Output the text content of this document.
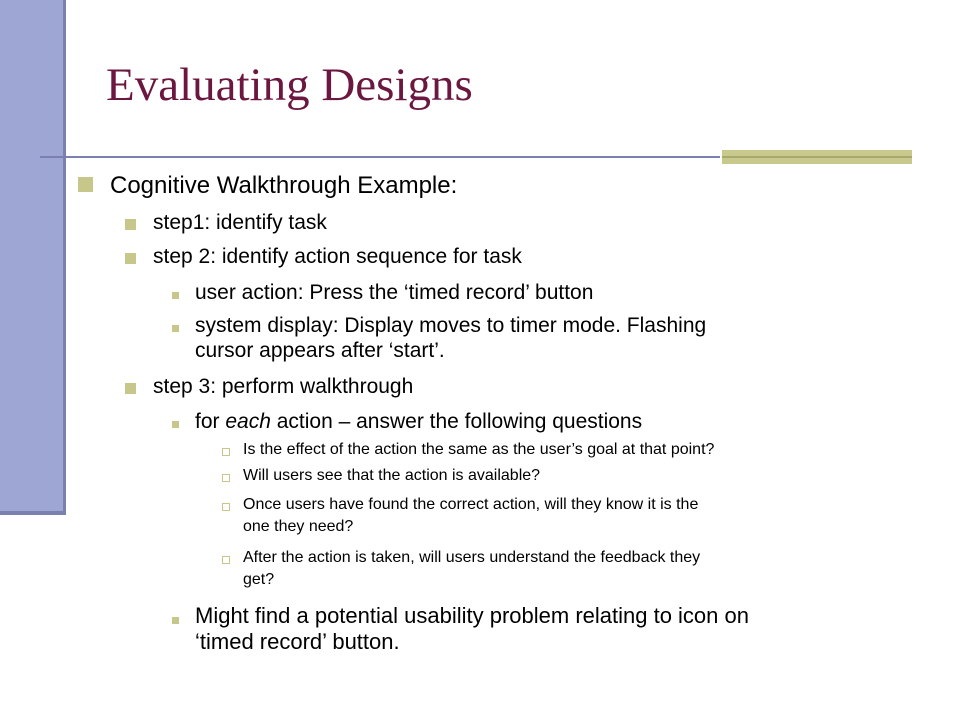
Evaluating Designs
Cognitive Walkthrough Example:
step1: identify task
step 2: identify action sequence for task
user action: Press the ‘timed record’ button
system display: Display moves to timer mode. Flashing
cursor appears after ‘start’.
step 3: perform walkthrough
for each action – answer the following questions
Is the effect of the action the same as the user’s goal at that point?
Will users see that the action is available?
Once users have found the correct action, will they know it is the
one they need?
After the action is taken, will users understand the feedback they
get?
Might find a potential usability problem relating to icon on
‘timed record’ button.
